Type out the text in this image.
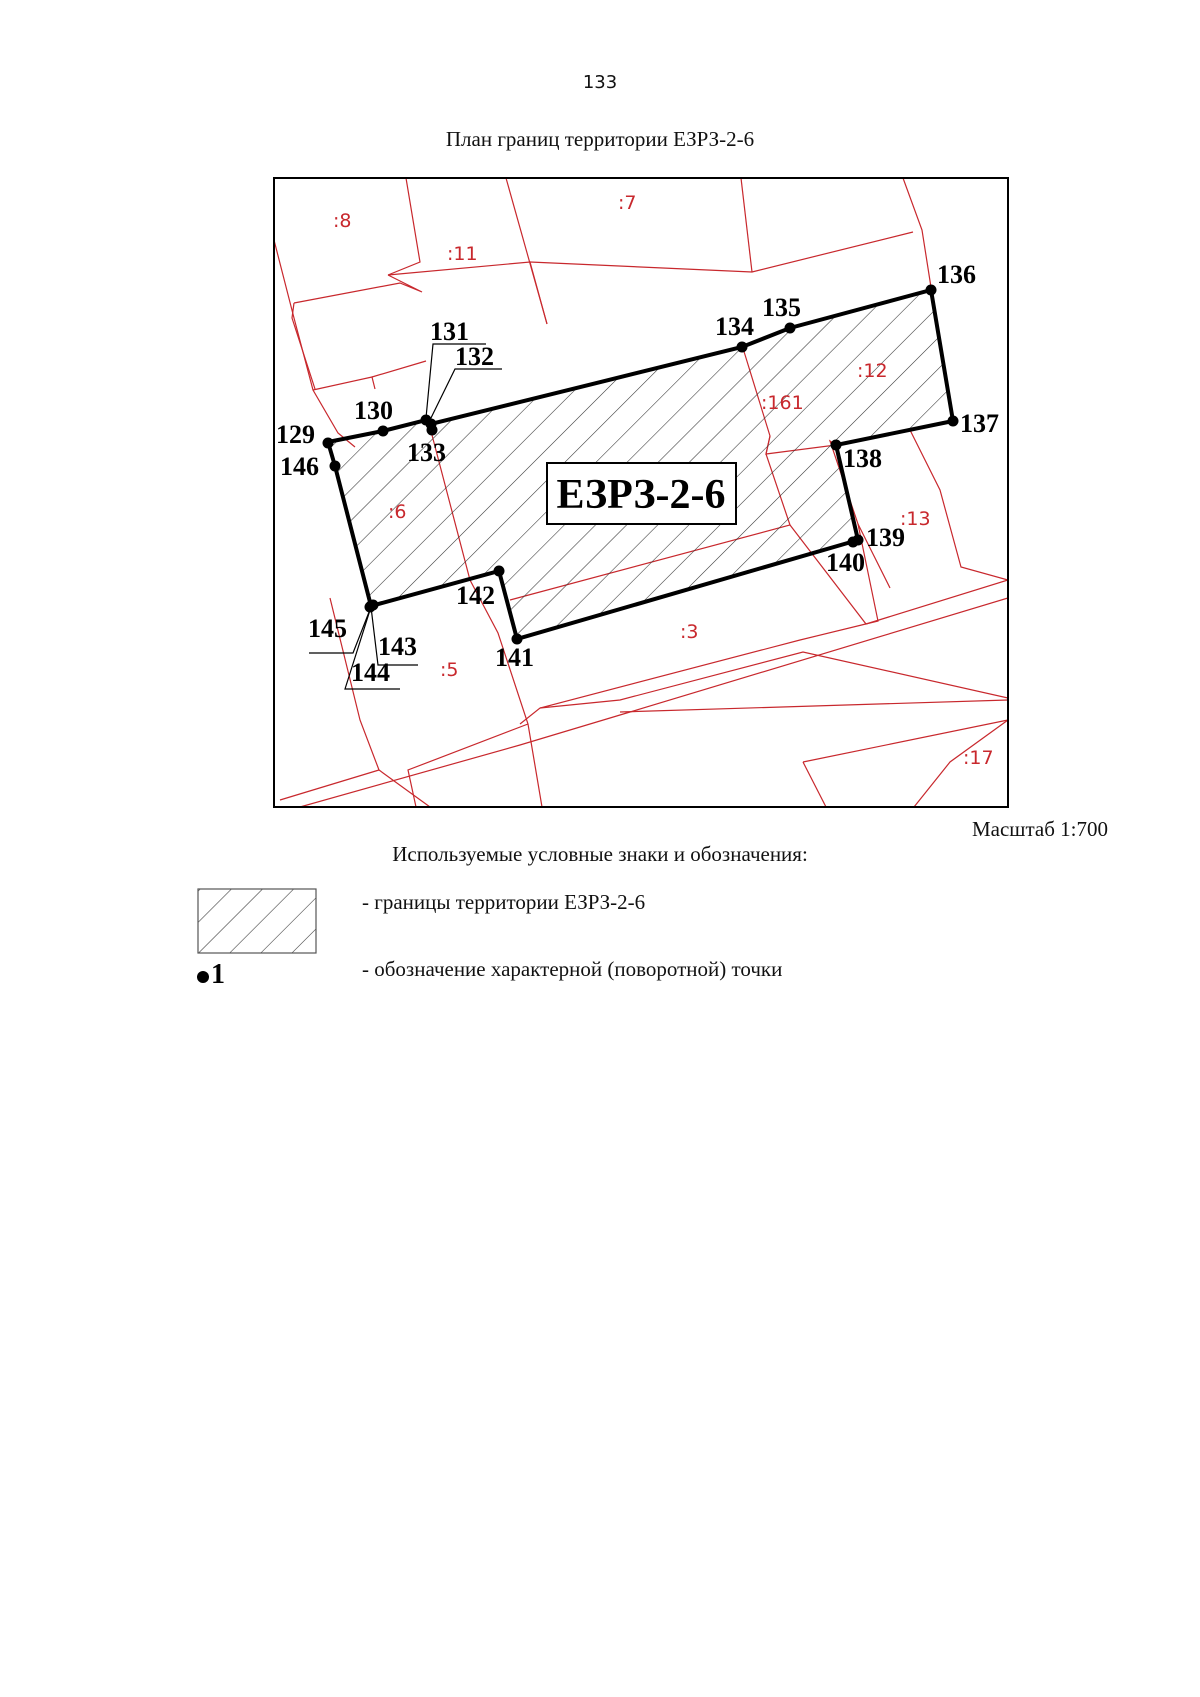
133
План границ территории ЕЗРЗ-2-6
ЕЗРЗ-2-6
:8
:7
:11
:12
:161
:6	:13
:3
:5
:17
129
130
131
132
133
134
135
136
137
138
139
140
141
142
143
144
145
146
Масштаб 1:700
Используемые условные знаки и обозначения:
- границы территории ЕЗРЗ-2-6
1	- обозначение характерной (поворотной) точки
